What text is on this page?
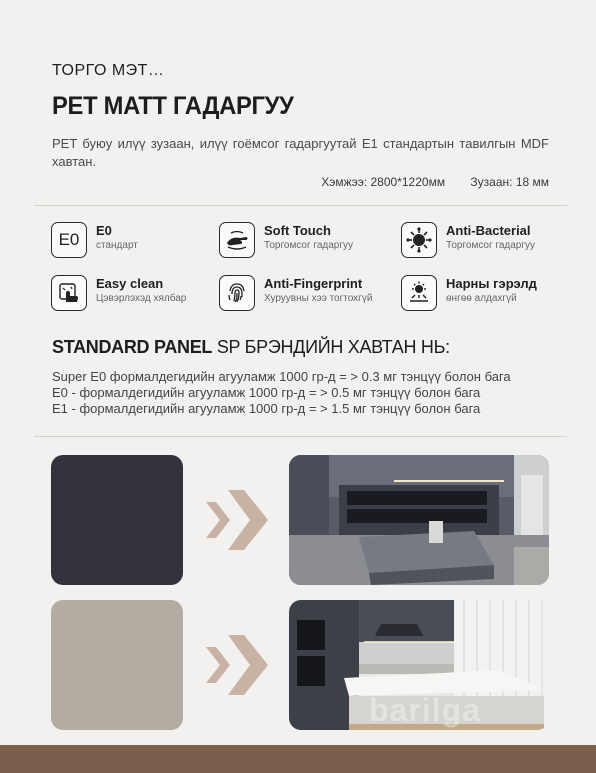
ТОРГО МЭТ…
PET MATT ГАДАРГУУ
PET буюу илүү зузаан, илүү гоёмсог гадаргуутай E1 стандартын тавилгын MDF хавтан.
Хэмжээ: 2800*1220мм Зузаан: 18 мм
E0 E0
стандарт
Soft Touch
Торгомсог гадаргуу
Anti-Bacterial
Торгомсог гадаргуу
Easy clean
Цэвэрлэхэд хялбар
Anti-Fingerprint
Хуруувны хээ тогтохгүй
Нарны гэрэлд
өнгөө алдахгүй
STANDARD PANEL SP БРЭНДИЙН ХАВТАН НЬ:
Super E0 формалдегидийн агууламж 1000 гр-д = > 0.3 мг тэнцүү болон бага
E0 - формалдегидийн агууламж 1000 гр-д = > 0.5 мг тэнцүү болон бага
E1 - формалдегидийн агууламж 1000 гр-д = > 1.5 мг тэнцүү болон бага
barilga
